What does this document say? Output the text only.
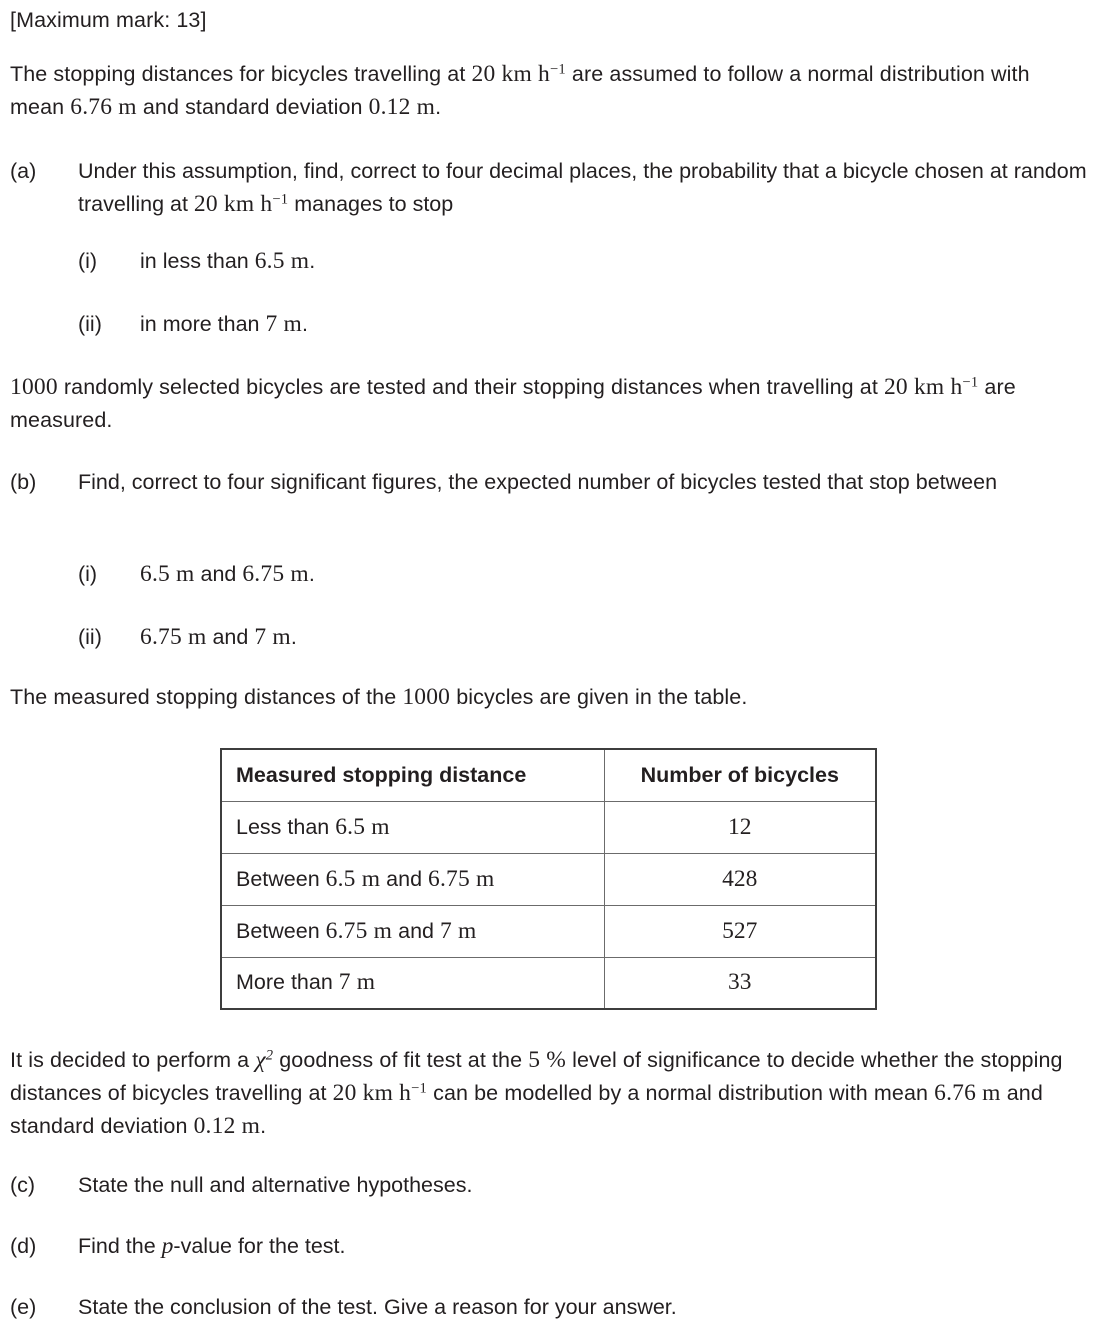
[Maximum mark: 13]
The stopping distances for bicycles travelling at 20 km $h^{-1}$ are assumed to follow a normal distribution with mean 6.76 m and standard deviation 0.12 m.
(a)	Under this assumption, find, correct to four decimal places, the probability that a bicycle chosen at random travelling at 20 km $h^{-1}$ manages to stop
(i)	in less than 6.5 m.
(ii)	in more than 7 m.
1000 randomly selected bicycles are tested and their stopping distances when travelling at 20 km $h^{-1}$ are measured.
(b)	Find, correct to four significant figures, the expected number of bicycles tested that stop between
(i)	6.5 m and 6.75 m.
(ii)	6.75 m and 7 m.
The measured stopping distances of the 1000 bicycles are given in the table.
Measured stopping distance	Number of bicycles
Less than 6.5 m	12
Between 6.5 m and 6.75 m	428
Between 6.75 m and 7 m	527
More than 7 m	33
It is decided to perform a $\chi^2$ goodness of fit test at the 5 % level of significance to decide whether the stopping distances of bicycles travelling at 20 km $h^{-1}$ can be modelled by a normal distribution with mean 6.76 m and standard deviation 0.12 m.
(c)	State the null and alternative hypotheses.
(d)	Find the p-value for the test.
(e)	State the conclusion of the test. Give a reason for your answer.
